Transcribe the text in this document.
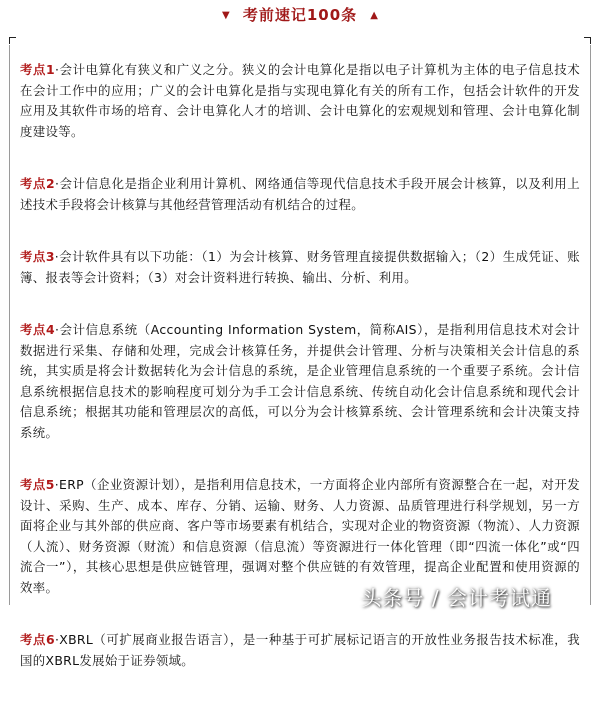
▼ 考前速记100条 ▲

考点1·会计电算化有狭义和广义之分。狭义的会计电算化是指以电子计算机为主体的电子信息技术在会计工作中的应用；广义的会计电算化是指与实现电算化有关的所有工作，包括会计软件的开发应用及其软件市场的培育、会计电算化人才的培训、会计电算化的宏观规划和管理、会计电算化制度建设等。

考点2·会计信息化是指企业利用计算机、网络通信等现代信息技术手段开展会计核算，以及利用上述技术手段将会计核算与其他经营管理活动有机结合的过程。

考点3·会计软件具有以下功能：（1）为会计核算、财务管理直接提供数据输入；（2）生成凭证、账簿、报表等会计资料；（3）对会计资料进行转换、输出、分析、利用。

考点4·会计信息系统（Accounting Information System，简称AIS），是指利用信息技术对会计数据进行采集、存储和处理，完成会计核算任务，并提供会计管理、分析与决策相关会计信息的系统，其实质是将会计数据转化为会计信息的系统，是企业管理信息系统的一个重要子系统。会计信息系统根据信息技术的影响程度可划分为手工会计信息系统、传统自动化会计信息系统和现代会计信息系统；根据其功能和管理层次的高低，可以分为会计核算系统、会计管理系统和会计决策支持系统。

考点5·ERP（企业资源计划），是指利用信息技术，一方面将企业内部所有资源整合在一起，对开发设计、采购、生产、成本、库存、分销、运输、财务、人力资源、品质管理进行科学规划，另一方面将企业与其外部的供应商、客户等市场要素有机结合，实现对企业的物资资源（物流）、人力资源（人流）、财务资源（财流）和信息资源（信息流）等资源进行一体化管理（即“四流一体化”或“四流合一”），其核心思想是供应链管理，强调对整个供应链的有效管理，提高企业配置和使用资源的效率。

考点6·XBRL（可扩展商业报告语言），是一种基于可扩展标记语言的开放性业务报告技术标准，我国的XBRL发展始于证券领域。

头条号 / 会计考试通
